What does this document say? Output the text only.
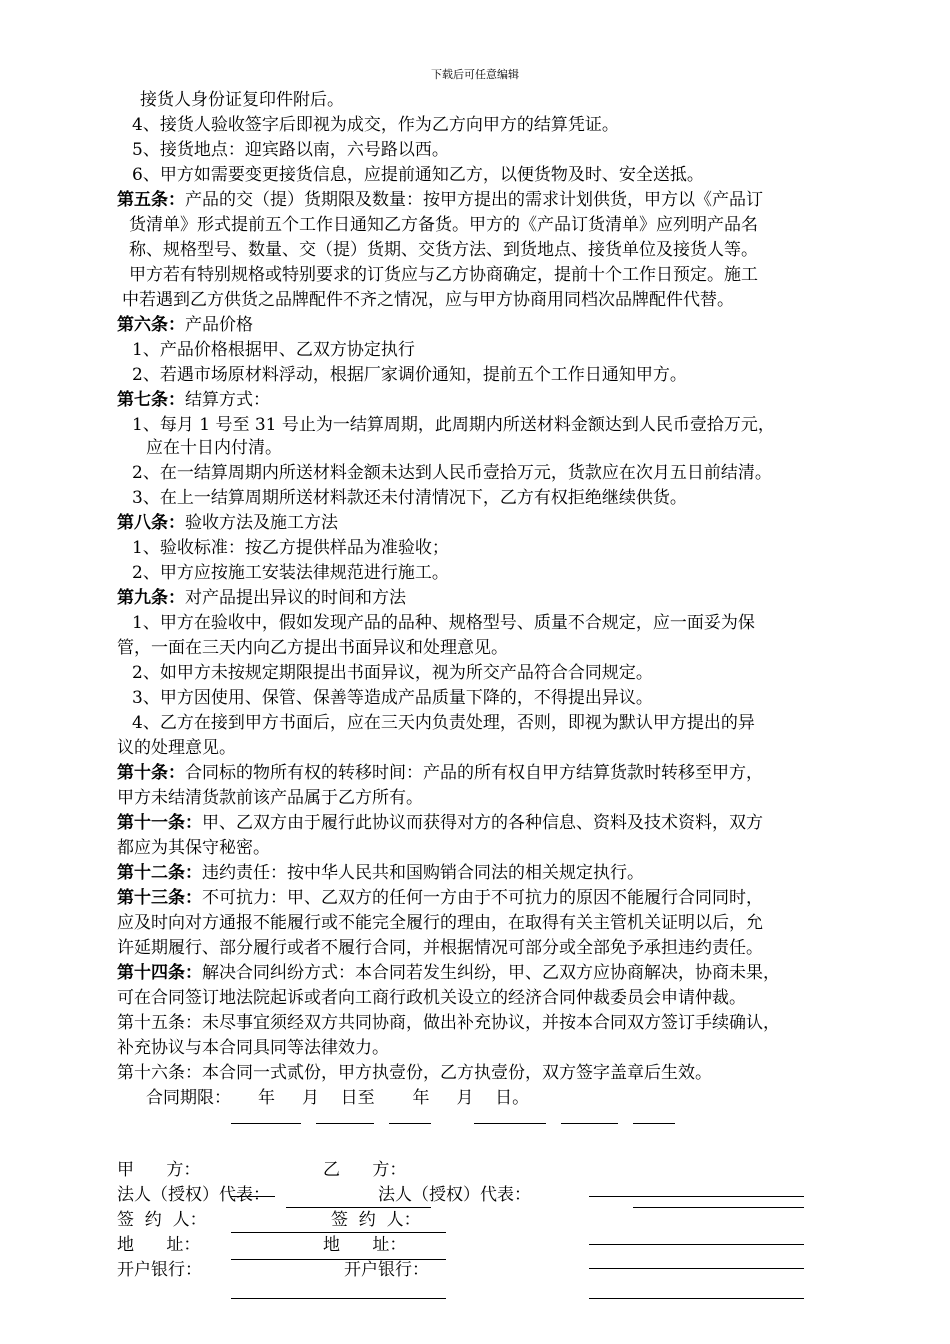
下载后可任意编辑
接货人身份证复印件附后。
4、接货人验收签字后即视为成交，作为乙方向甲方的结算凭证。
5、接货地点：迎宾路以南，六号路以西。
6、甲方如需要变更接货信息，应提前通知乙方，以便货物及时、安全送抵。
第五条：产品的交（提）货期限及数量：按甲方提出的需求计划供货，甲方以《产品订
货清单》形式提前五个工作日通知乙方备货。甲方的《产品订货清单》应列明产品名
称、规格型号、数量、交（提）货期、交货方法、到货地点、接货单位及接货人等。
甲方若有特别规格或特别要求的订货应与乙方协商确定，提前十个工作日预定。施工
中若遇到乙方供货之品牌配件不齐之情况，应与甲方协商用同档次品牌配件代替。
第六条：产品价格
1、产品价格根据甲、乙双方协定执行
2、若遇市场原材料浮动，根据厂家调价通知，提前五个工作日通知甲方。
第七条：结算方式：
1、每月 1 号至 31 号止为一结算周期，此周期内所送材料金额达到人民币壹拾万元，
应在十日内付清。
2、在一结算周期内所送材料金额未达到人民币壹拾万元，货款应在次月五日前结清。
3、在上一结算周期所送材料款还未付清情况下，乙方有权拒绝继续供货。
第八条：验收方法及施工方法
1、验收标准：按乙方提供样品为准验收；
2、甲方应按施工安装法律规范进行施工。
第九条：对产品提出异议的时间和方法
1、甲方在验收中，假如发现产品的品种、规格型号、质量不合规定，应一面妥为保
管，一面在三天内向乙方提出书面异议和处理意见。
2、如甲方未按规定期限提出书面异议，视为所交产品符合合同规定。
3、甲方因使用、保管、保善等造成产品质量下降的，不得提出异议。
4、乙方在接到甲方书面后，应在三天内负责处理，否则，即视为默认甲方提出的异
议的处理意见。
第十条：合同标的物所有权的转移时间：产品的所有权自甲方结算货款时转移至甲方，
甲方未结清货款前该产品属于乙方所有。
第十一条：甲、乙双方由于履行此协议而获得对方的各种信息、资料及技术资料，双方
都应为其保守秘密。
第十二条：违约责任：按中华人民共和国购销合同法的相关规定执行。
第十三条：不可抗力：甲、乙双方的任何一方由于不可抗力的原因不能履行合同同时，
应及时向对方通报不能履行或不能完全履行的理由，在取得有关主管机关证明以后，允
许延期履行、部分履行或者不履行合同，并根据情况可部分或全部免予承担违约责任。
第十四条：解决合同纠纷方式：本合同若发生纠纷，甲、乙双方应协商解决，协商未果，
可在合同签订地法院起诉或者向工商行政机关设立的经济合同仲裁委员会申请仲裁。
第十五条：未尽事宜须经双方共同协商，做出补充协议，并按本合同双方签订手续确认，
补充协议与本合同具同等法律效力。
第十六条：本合同一式贰份，甲方执壹份，乙方执壹份，双方签字盖章后生效。
合同期限：     年     月    日至       年     月    日。
甲      方：	乙      方：
法人（授权）代表：	法人（授权）代表：
签  约  人：	签  约  人：
地      址：	地      址：
开户银行：	开户银行：
